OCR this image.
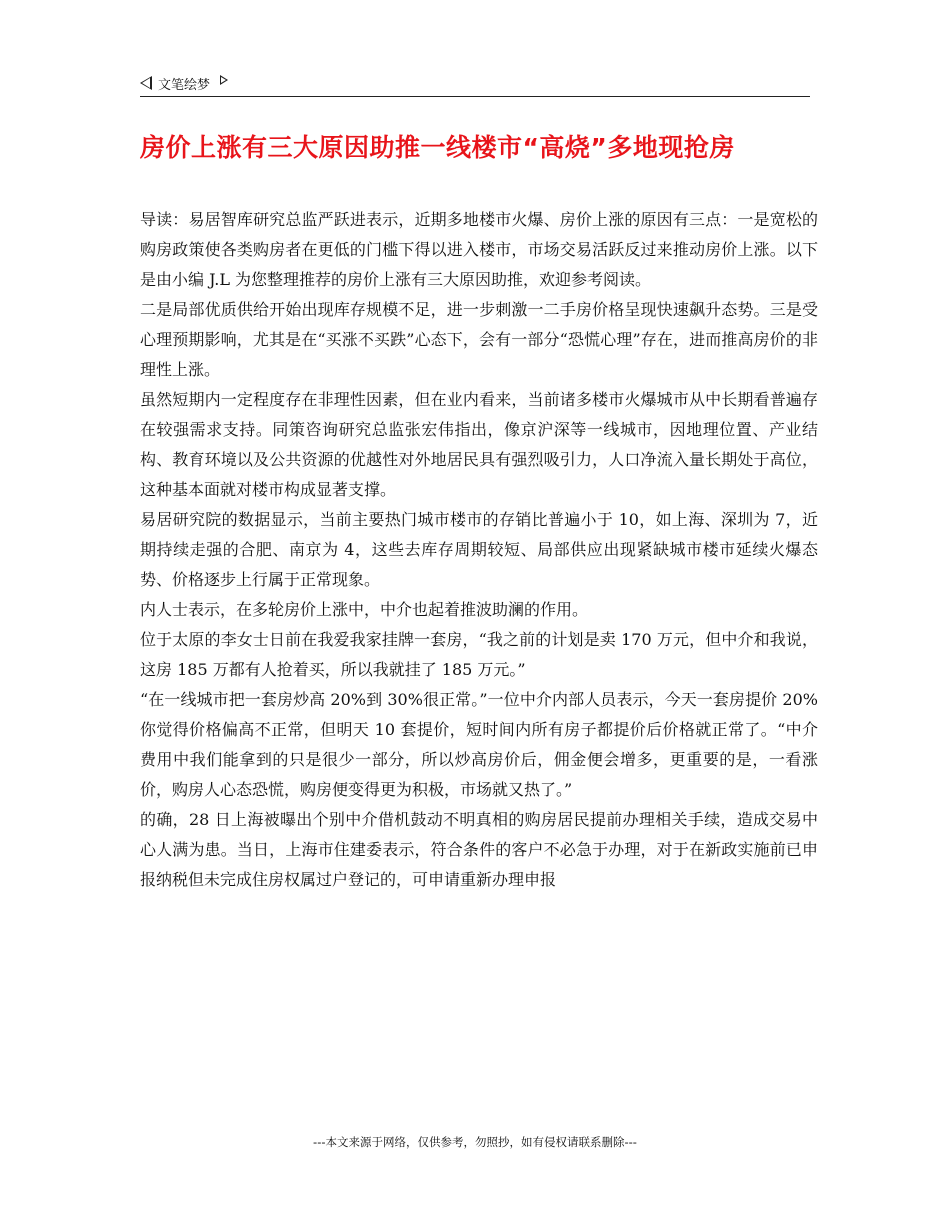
文笔绘梦
房价上涨有三大原因助推一线楼市“高烧”多地现抢房

导读：易居智库研究总监严跃进表示，近期多地楼市火爆、房价上涨的原因有三点：一是宽松的购房政策使各类购房者在更低的门槛下得以进入楼市，市场交易活跃反过来推动房价上涨。以下是由小编 J.L 为您整理推荐的房价上涨有三大原因助推，欢迎参考阅读。

二是局部优质供给开始出现库存规模不足，进一步刺激一二手房价格呈现快速飙升态势。三是受心理预期影响，尤其是在“买涨不买跌”心态下，会有一部分“恐慌心理”存在，进而推高房价的非理性上涨。

虽然短期内一定程度存在非理性因素，但在业内看来，当前诸多楼市火爆城市从中长期看普遍存在较强需求支持。同策咨询研究总监张宏伟指出，像京沪深等一线城市，因地理位置、产业结构、教育环境以及公共资源的优越性对外地居民具有强烈吸引力，人口净流入量长期处于高位，这种基本面就对楼市构成显著支撑。

易居研究院的数据显示，当前主要热门城市楼市的存销比普遍小于 10，如上海、深圳为 7，近期持续走强的合肥、南京为 4，这些去库存周期较短、局部供应出现紧缺城市楼市延续火爆态势、价格逐步上行属于正常现象。

内人士表示，在多轮房价上涨中，中介也起着推波助澜的作用。

位于太原的李女士日前在我爱我家挂牌一套房，“我之前的计划是卖 170 万元，但中介和我说，这房 185 万都有人抢着买，所以我就挂了 185 万元。”

“在一线城市把一套房炒高 20%到 30%很正常。”一位中介内部人员表示，今天一套房提价 20%你觉得价格偏高不正常，但明天 10 套提价，短时间内所有房子都提价后价格就正常了。“中介费用中我们能拿到的只是很少一部分，所以炒高房价后，佣金便会增多，更重要的是，一看涨价，购房人心态恐慌，购房便变得更为积极，市场就又热了。”

的确，28 日上海被曝出个别中介借机鼓动不明真相的购房居民提前办理相关手续，造成交易中心人满为患。当日，上海市住建委表示，符合条件的客户不必急于办理，对于在新政实施前已申报纳税但未完成住房权属过户登记的，可申请重新办理申报

---本文来源于网络，仅供参考，勿照抄，如有侵权请联系删除---
